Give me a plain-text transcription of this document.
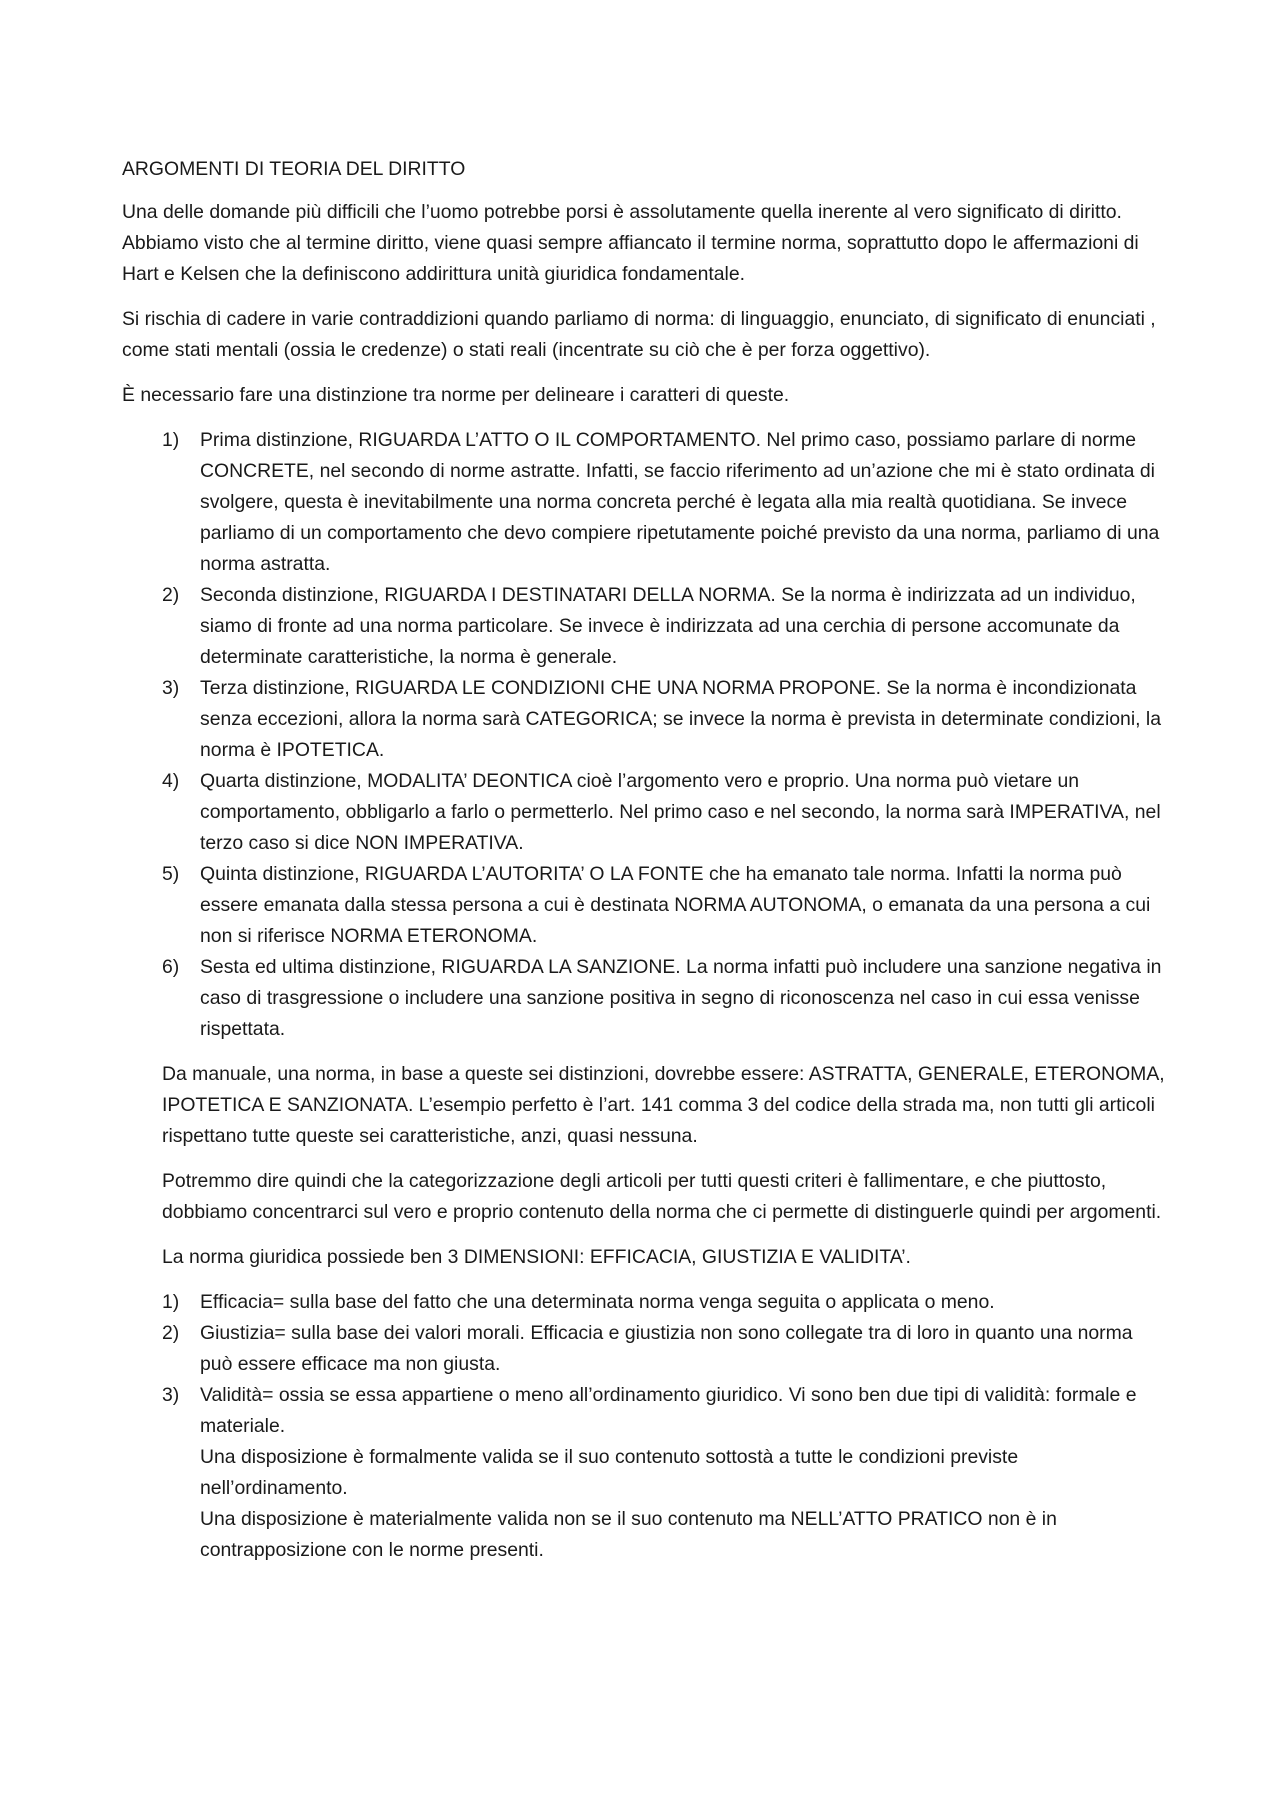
ARGOMENTI DI TEORIA DEL DIRITTO

Una delle domande più difficili che l’uomo potrebbe porsi è assolutamente quella inerente al vero significato di diritto. Abbiamo visto che al termine diritto, viene quasi sempre affiancato il termine norma, soprattutto dopo le affermazioni di Hart e Kelsen che la definiscono addirittura unità giuridica fondamentale.

Si rischia di cadere in varie contraddizioni quando parliamo di norma: di linguaggio, enunciato, di significato di enunciati , come stati mentali (ossia le credenze) o stati reali (incentrate su ciò che è per forza oggettivo).

È necessario fare una distinzione tra norme per delineare i caratteri di queste.

1) Prima distinzione, RIGUARDA L’ATTO O IL COMPORTAMENTO. Nel primo caso, possiamo parlare di norme CONCRETE, nel secondo di norme astratte. Infatti, se faccio riferimento ad un’azione che mi è stato ordinata di svolgere, questa è inevitabilmente una norma concreta perché è legata alla mia realtà quotidiana. Se invece parliamo di un comportamento che devo compiere ripetutamente poiché previsto da una norma, parliamo di una norma astratta.
2) Seconda distinzione, RIGUARDA I DESTINATARI DELLA NORMA. Se la norma è indirizzata ad un individuo, siamo di fronte ad una norma particolare. Se invece è indirizzata ad una cerchia di persone accomunate da determinate caratteristiche, la norma è generale.
3) Terza distinzione, RIGUARDA LE CONDIZIONI CHE UNA NORMA PROPONE. Se la norma è incondizionata senza eccezioni, allora la norma sarà CATEGORICA; se invece la norma è prevista in determinate condizioni, la norma è IPOTETICA.
4) Quarta distinzione, MODALITA’ DEONTICA cioè l’argomento vero e proprio. Una norma può vietare un comportamento, obbligarlo a farlo o permetterlo. Nel primo caso e nel secondo, la norma sarà IMPERATIVA, nel terzo caso si dice NON IMPERATIVA.
5) Quinta distinzione, RIGUARDA L’AUTORITA’ O LA FONTE che ha emanato tale norma. Infatti la norma può essere emanata dalla stessa persona a cui è destinata NORMA AUTONOMA, o emanata da una persona a cui non si riferisce NORMA ETERONOMA.
6) Sesta ed ultima distinzione, RIGUARDA LA SANZIONE. La norma infatti può includere una sanzione negativa in caso di trasgressione o includere una sanzione positiva in segno di riconoscenza nel caso in cui essa venisse rispettata.

Da manuale, una norma, in base a queste sei distinzioni, dovrebbe essere: ASTRATTA, GENERALE, ETERONOMA, IPOTETICA E SANZIONATA. L’esempio perfetto è l’art. 141 comma 3 del codice della strada ma, non tutti gli articoli rispettano tutte queste sei caratteristiche, anzi, quasi nessuna.

Potremmo dire quindi che la categorizzazione degli articoli per tutti questi criteri è fallimentare, e che piuttosto, dobbiamo concentrarci sul vero e proprio contenuto della norma che ci permette di distinguerle quindi per argomenti.

La norma giuridica possiede ben 3 DIMENSIONI: EFFICACIA, GIUSTIZIA E VALIDITA’.

1) Efficacia= sulla base del fatto che una determinata norma venga seguita o applicata o meno.
2) Giustizia= sulla base dei valori morali. Efficacia e giustizia non sono collegate tra di loro in quanto una norma può essere efficace ma non giusta.
3) Validità= ossia se essa appartiene o meno all’ordinamento giuridico. Vi sono ben due tipi di validità: formale e materiale.
Una disposizione è formalmente valida se il suo contenuto sottostà a tutte le condizioni previste nell’ordinamento.
Una disposizione è materialmente valida non se il suo contenuto ma NELL’ATTO PRATICO non è in contrapposizione con le norme presenti.
